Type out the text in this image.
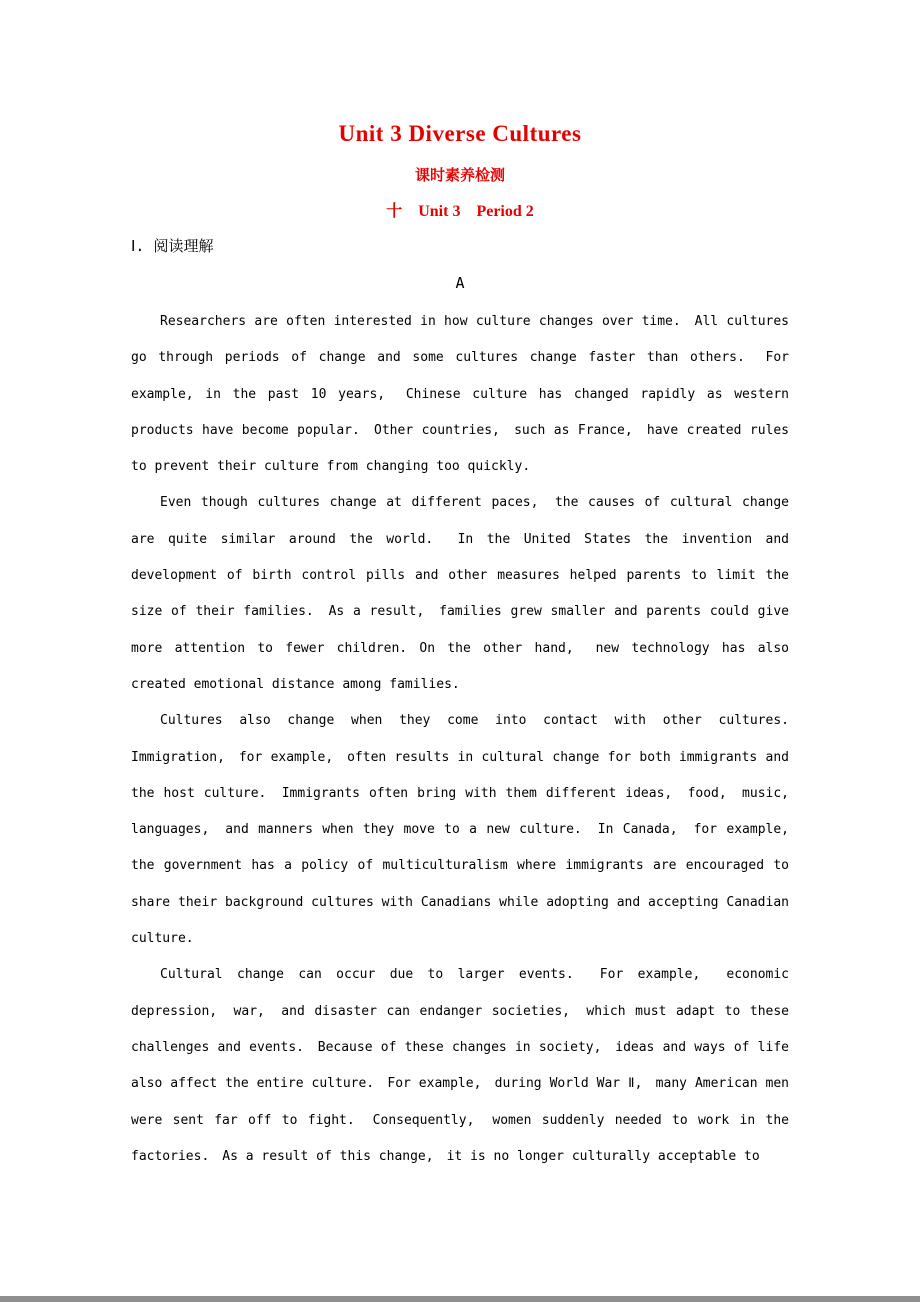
Unit 3 Diverse Cultures
课时素养检测
十　Unit 3　Period 2
Ⅰ. 阅读理解
A

Researchers are often interested in how culture changes over time.　All cultures go through periods of change and some cultures change faster than others.　For example, in the past 10 years,　Chinese culture has changed rapidly as western products have become popular.　Other countries,　such as France,　have created rules to prevent their culture from changing too quickly.

Even though cultures change at different paces,　the causes of cultural change are quite similar around the world.　In the United States the invention and development of birth control pills and other measures helped parents to limit the size of their families.　As a result,　families grew smaller and parents could give more attention to fewer children. On the other hand,　new technology has also created emotional distance among families.

Cultures also change when they come into contact with other cultures. Immigration,　for example,　often results in cultural change for both immigrants and the host culture.　Immigrants often bring with them different ideas,　food,　music,　languages,　and manners when they move to a new culture.　In Canada,　for example,　the government has a policy of multiculturalism where immigrants are encouraged to share their background cultures with Canadians while adopting and accepting Canadian culture.

Cultural change can occur due to larger events.　For example,　economic depression,　war,　and disaster can endanger societies,　which must adapt to these challenges and events.　Because of these changes in society,　ideas and ways of life also affect the entire culture.　For example,　during World War Ⅱ,　many American men were sent far off to fight.　Consequently,　women suddenly needed to work in the factories.　As a result of this change,　it is no longer culturally acceptable to
